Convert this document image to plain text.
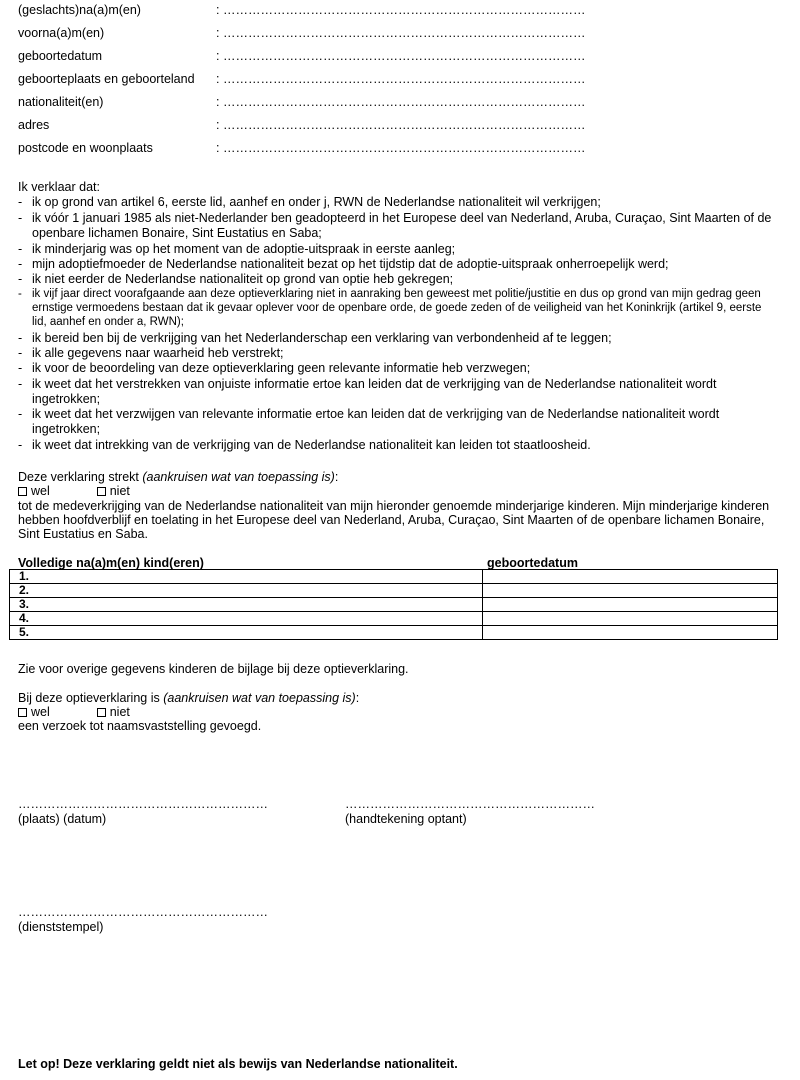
(geslachts)na(a)m(en)	: ……………………………………………………………………………
voorna(a)m(en)	: ……………………………………………………………………………
geboortedatum	: ……………………………………………………………………………
geboorteplaats en geboorteland : ……………………………………………………………………………
nationaliteit(en)	: ……………………………………………………………………………
adres	: ……………………………………………………………………………
postcode en woonplaats	: ……………………………………………………………………………
Ik verklaar dat:
- ik op grond van artikel 6, eerste lid, aanhef en onder j, RWN de Nederlandse nationaliteit wil verkrijgen;
- ik vóór 1 januari 1985 als niet-Nederlander ben geadopteerd in het Europese deel van Nederland, Aruba, Curaçao, Sint Maarten of de openbare lichamen Bonaire, Sint Eustatius en Saba;
- ik minderjarig was op het moment van de adoptie-uitspraak in eerste aanleg;
- mijn adoptiefmoeder de Nederlandse nationaliteit bezat op het tijdstip dat de adoptie-uitspraak onherroepelijk werd;
- ik niet eerder de Nederlandse nationaliteit op grond van optie heb gekregen;
- ik vijf jaar direct voorafgaande aan deze optieverklaring niet in aanraking ben geweest met politie/justitie en dus op grond van mijn gedrag geen ernstige vermoedens bestaan dat ik gevaar oplever voor de openbare orde, de goede zeden of de veiligheid van het Koninkrijk (artikel 9, eerste lid, aanhef en onder a, RWN);
- ik bereid ben bij de verkrijging van het Nederlanderschap een verklaring van verbondenheid af te leggen;
- ik alle gegevens naar waarheid heb verstrekt;
- ik voor de beoordeling van deze optieverklaring geen relevante informatie heb verzwegen;
- ik weet dat het verstrekken van onjuiste informatie ertoe kan leiden dat de verkrijging van de Nederlandse nationaliteit wordt ingetrokken;
- ik weet dat het verzwijgen van relevante informatie ertoe kan leiden dat de verkrijging van de Nederlandse nationaliteit wordt ingetrokken;
- ik weet dat intrekking van de verkrijging van de Nederlandse nationaliteit kan leiden tot staatloosheid.
Deze verklaring strekt (aankruisen wat van toepassing is):
wel	niet
tot de medeverkrijging van de Nederlandse nationaliteit van mijn hieronder genoemde minderjarige kinderen. Mijn minderjarige kinderen hebben hoofdverblijf en toelating in het Europese deel van Nederland, Aruba, Curaçao, Sint Maarten of de openbare lichamen Bonaire, Sint Eustatius en Saba.
Volledige na(a)m(en) kind(eren)	geboortedatum
1.	
2.	
3.	
4.	
5.	
Zie voor overige gegevens kinderen de bijlage bij deze optieverklaring.
Bij deze optieverklaring is (aankruisen wat van toepassing is):
wel	niet
een verzoek tot naamsvaststelling gevoegd.
……………………………………………………
(plaats) (datum)
……………………………………………………
(handtekening optant)
……………………………………………………
(dienststempel)
Let op! Deze verklaring geldt niet als bewijs van Nederlandse nationaliteit.
